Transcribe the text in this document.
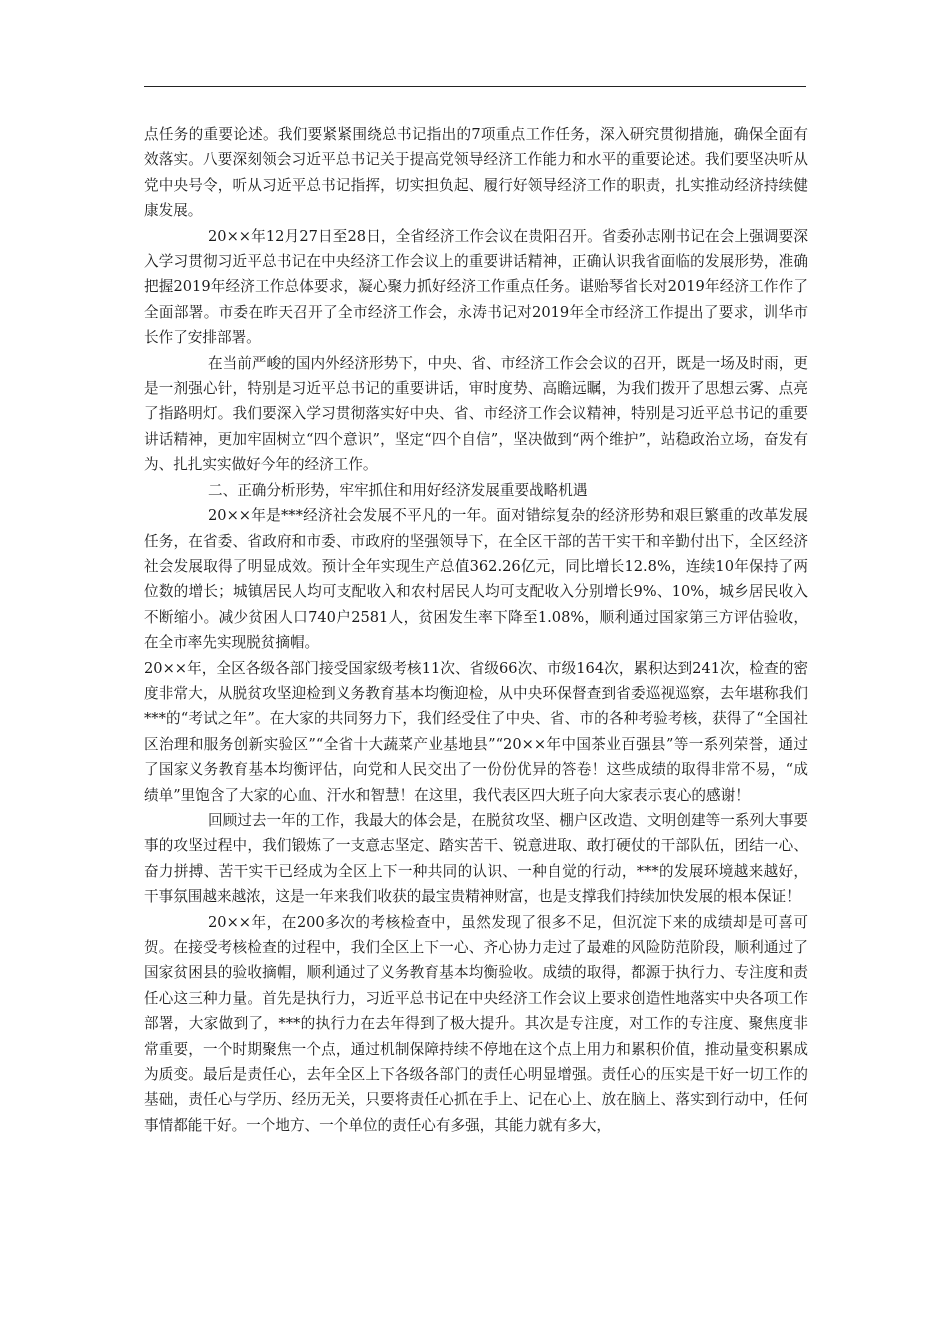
点任务的重要论述。我们要紧紧围绕总书记指出的7项重点工作任务，深入研究贯彻措施，确保全面有效落实。八要深刻领会习近平总书记关于提高党领导经济工作能力和水平的重要论述。我们要坚决听从党中央号令，听从习近平总书记指挥，切实担负起、履行好领导经济工作的职责，扎实推动经济持续健康发展。

20××年12月27日至28日，全省经济工作会议在贵阳召开。省委孙志刚书记在会上强调要深入学习贯彻习近平总书记在中央经济工作会议上的重要讲话精神，正确认识我省面临的发展形势，准确把握2019年经济工作总体要求，凝心聚力抓好经济工作重点任务。谌贻琴省长对2019年经济工作作了全面部署。市委在昨天召开了全市经济工作会，永涛书记对2019年全市经济工作提出了要求，训华市长作了安排部署。

在当前严峻的国内外经济形势下，中央、省、市经济工作会会议的召开，既是一场及时雨，更是一剂强心针，特别是习近平总书记的重要讲话，审时度势、高瞻远瞩，为我们拨开了思想云雾、点亮了指路明灯。我们要深入学习贯彻落实好中央、省、市经济工作会议精神，特别是习近平总书记的重要讲话精神，更加牢固树立“四个意识”，坚定“四个自信”，坚决做到“两个维护”，站稳政治立场，奋发有为、扎扎实实做好今年的经济工作。

二、正确分析形势，牢牢抓住和用好经济发展重要战略机遇

20××年是***经济社会发展不平凡的一年。面对错综复杂的经济形势和艰巨繁重的改革发展任务，在省委、省政府和市委、市政府的坚强领导下，在全区干部的苦干实干和辛勤付出下，全区经济社会发展取得了明显成效。预计全年实现生产总值362.26亿元，同比增长12.8%，连续10年保持了两位数的增长；城镇居民人均可支配收入和农村居民人均可支配收入分别增长9%、10%，城乡居民收入不断缩小。减少贫困人口740户2581人，贫困发生率下降至1.08%，顺利通过国家第三方评估验收，在全市率先实现脱贫摘帽。

20××年，全区各级各部门接受国家级考核11次、省级66次、市级164次，累积达到241次，检查的密度非常大，从脱贫攻坚迎检到义务教育基本均衡迎检，从中央环保督查到省委巡视巡察，去年堪称我们***的“考试之年”。在大家的共同努力下，我们经受住了中央、省、市的各种考验考核，获得了“全国社区治理和服务创新实验区”“全省十大蔬菜产业基地县”“20××年中国茶业百强县”等一系列荣誉，通过了国家义务教育基本均衡评估，向党和人民交出了一份份优异的答卷！这些成绩的取得非常不易，“成绩单”里饱含了大家的心血、汗水和智慧！在这里，我代表区四大班子向大家表示衷心的感谢！

回顾过去一年的工作，我最大的体会是，在脱贫攻坚、棚户区改造、文明创建等一系列大事要事的攻坚过程中，我们锻炼了一支意志坚定、踏实苦干、锐意进取、敢打硬仗的干部队伍，团结一心、奋力拼搏、苦干实干已经成为全区上下一种共同的认识、一种自觉的行动，***的发展环境越来越好，干事氛围越来越浓，这是一年来我们收获的最宝贵精神财富，也是支撑我们持续加快发展的根本保证！

20××年，在200多次的考核检查中，虽然发现了很多不足，但沉淀下来的成绩却是可喜可贺。在接受考核检查的过程中，我们全区上下一心、齐心协力走过了最难的风险防范阶段，顺利通过了国家贫困县的验收摘帽，顺利通过了义务教育基本均衡验收。成绩的取得，都源于执行力、专注度和责任心这三种力量。首先是执行力，习近平总书记在中央经济工作会议上要求创造性地落实中央各项工作部署，大家做到了，***的执行力在去年得到了极大提升。其次是专注度，对工作的专注度、聚焦度非常重要，一个时期聚焦一个点，通过机制保障持续不停地在这个点上用力和累积价值，推动量变积累成为质变。最后是责任心，去年全区上下各级各部门的责任心明显增强。责任心的压实是干好一切工作的基础，责任心与学历、经历无关，只要将责任心抓在手上、记在心上、放在脑上、落实到行动中，任何事情都能干好。一个地方、一个单位的责任心有多强，其能力就有多大，
